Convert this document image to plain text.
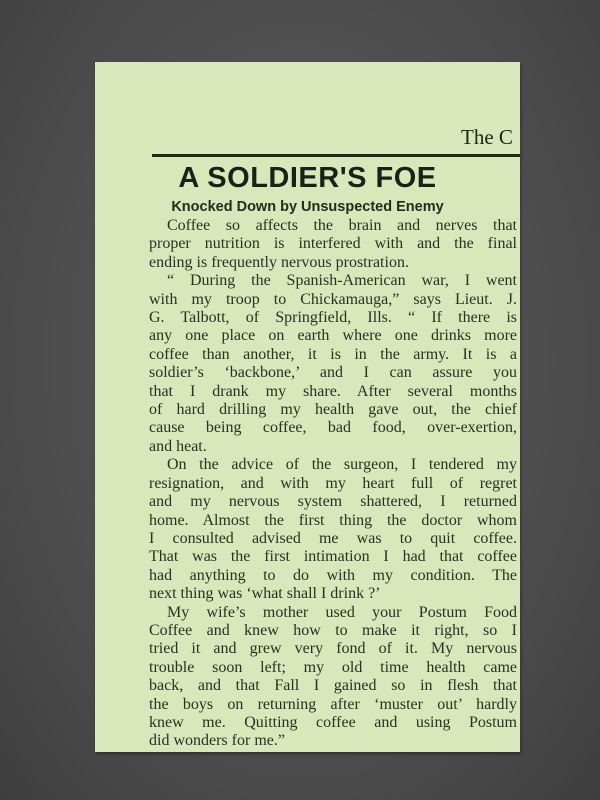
The C
A SOLDIER'S FOE
Knocked Down by Unsuspected Enemy
Coffee so affects the brain and nerves that
proper nutrition is interfered with and the final
ending is frequently nervous prostration.
“ During the Spanish-American war, I went
with my troop to Chickamauga,” says Lieut. J.
G. Talbott, of Springfield, Ills. “ If there is
any one place on earth where one drinks more
coffee than another, it is in the army. It is a
soldier’s ‘backbone,’ and I can assure you
that I drank my share. After several months
of hard drilling my health gave out, the chief
cause being coffee, bad food, over-exertion,
and heat.
On the advice of the surgeon, I tendered my
resignation, and with my heart full of regret
and my nervous system shattered, I returned
home. Almost the first thing the doctor whom
I consulted advised me was to quit coffee.
That was the first intimation I had that coffee
had anything to do with my condition. The
next thing was ‘what shall I drink ?’
My wife’s mother used your Postum Food
Coffee and knew how to make it right, so I
tried it and grew very fond of it. My nervous
trouble soon left; my old time health came
back, and that Fall I gained so in flesh that
the boys on returning after ‘muster out’ hardly
knew me. Quitting coffee and using Postum
did wonders for me.”
